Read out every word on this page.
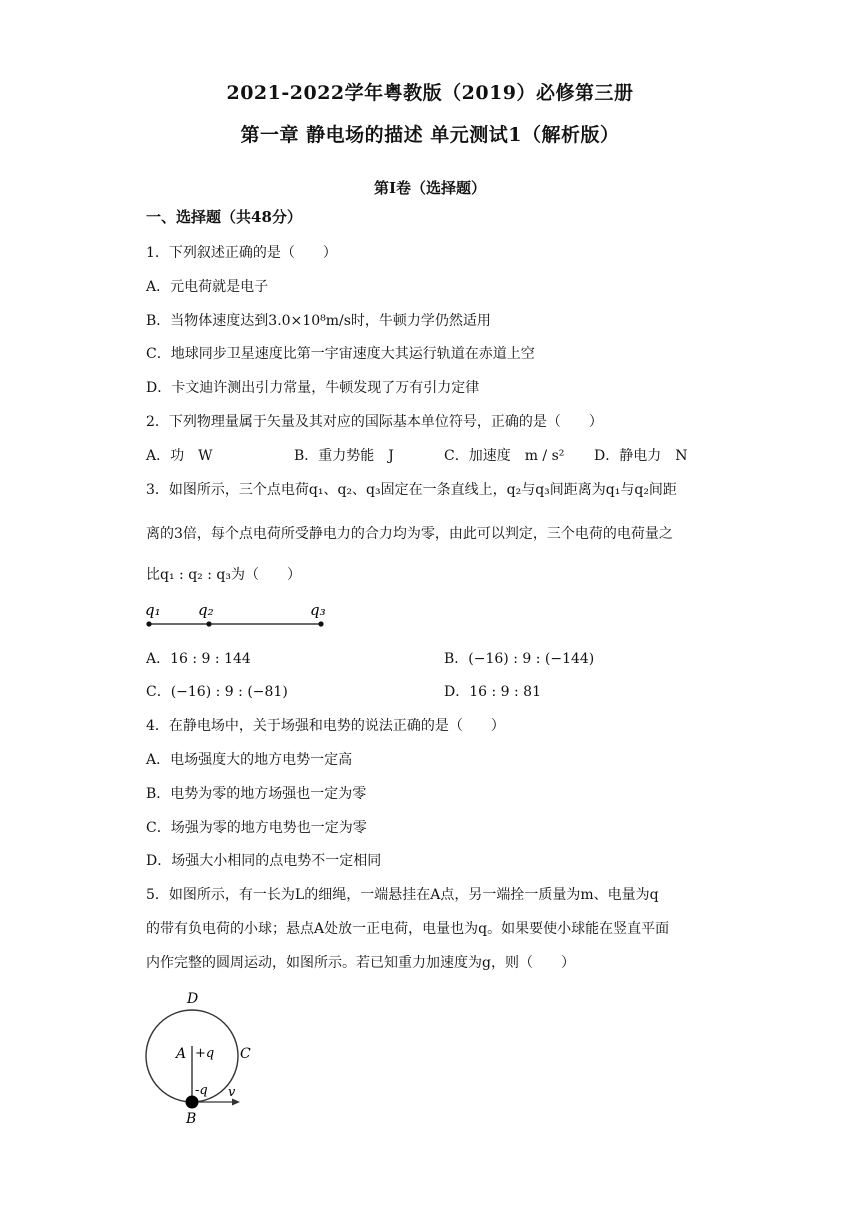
2021-2022学年粤教版（2019）必修第三册
第一章 静电场的描述 单元测试1（解析版）
第Ⅰ卷（选择题）
一、选择题（共48分）
1．下列叙述正确的是（　　）
A．元电荷就是电子
B．当物体速度达到3.0×10⁸m/s时，牛顿力学仍然适用
C．地球同步卫星速度比第一宇宙速度大其运行轨道在赤道上空
D．卡文迪许测出引力常量，牛顿发现了万有引力定律
2．下列物理量属于矢量及其对应的国际基本单位符号，正确的是（　　）
A．功　W	B．重力势能　J	C．加速度　m / s² D．静电力　N
3．如图所示，三个点电荷q₁、q₂、q₃固定在一条直线上，q₂与q₃间距离为q₁与q₂间距
离的3倍，每个点电荷所受静电力的合力均为零，由此可以判定，三个电荷的电荷量之
比q₁ : q₂ : q₃为（　　）
q₁ q₂	q₃
A．16 : 9 : 144	B．(−16) : 9 : (−144)
C．(−16) : 9 : (−81)	D．16 : 9 : 81
4．在静电场中，关于场强和电势的说法正确的是（　　）
A．电场强度大的地方电势一定高
B．电势为零的地方场强也一定为零
C．场强为零的地方电势也一定为零
D．场强大小相同的点电势不一定相同
5．如图所示，有一长为L的细绳，一端悬挂在A点，另一端拴一质量为m、电量为q
的带有负电荷的小球；悬点A处放一正电荷，电量也为q。如果要使小球能在竖直平面
内作完整的圆周运动，如图所示。若已知重力加速度为g，则（　　）
D
A +q C
-q v
B
